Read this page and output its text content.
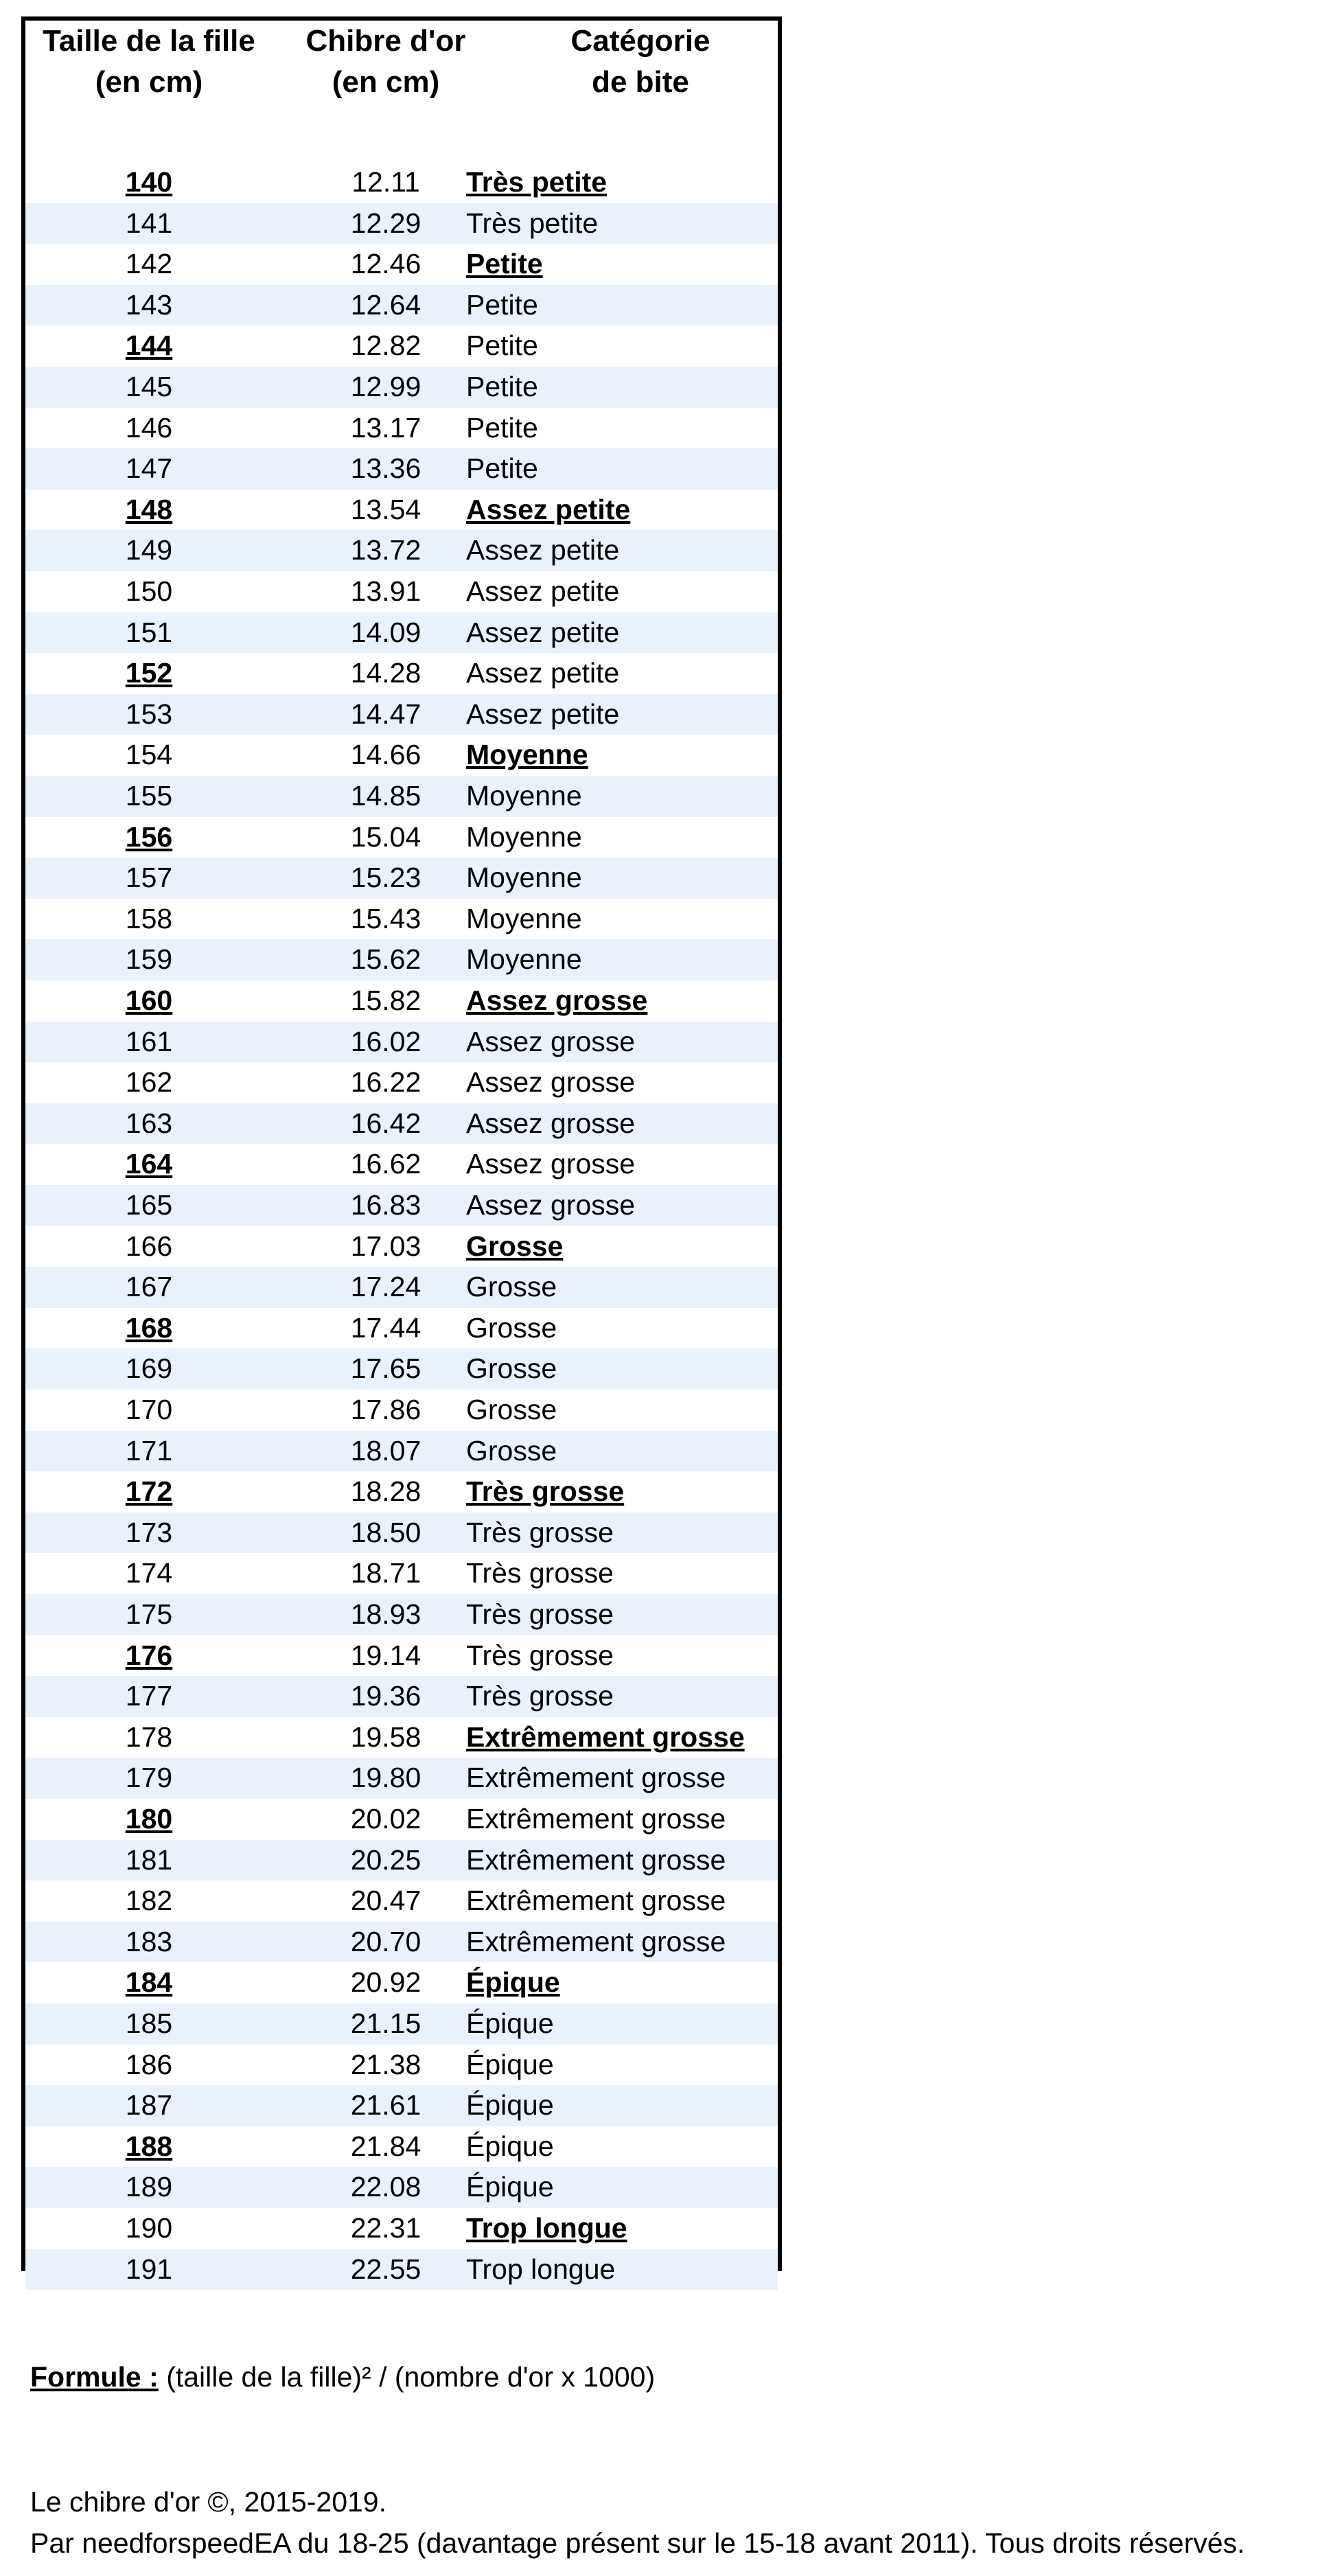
Taille de la fille
(en cm)
Chibre d'or
(en cm)
Catégorie
de bite
140	12.11	Très petite
141	12.29	Très petite
142	12.46	Petite
143	12.64	Petite
144	12.82	Petite
145	12.99	Petite
146	13.17	Petite
147	13.36	Petite
148	13.54	Assez petite
149	13.72	Assez petite
150	13.91	Assez petite
151	14.09	Assez petite
152	14.28	Assez petite
153	14.47	Assez petite
154	14.66	Moyenne
155	14.85	Moyenne
156	15.04	Moyenne
157	15.23	Moyenne
158	15.43	Moyenne
159	15.62	Moyenne
160	15.82	Assez grosse
161	16.02	Assez grosse
162	16.22	Assez grosse
163	16.42	Assez grosse
164	16.62	Assez grosse
165	16.83	Assez grosse
166	17.03	Grosse
167	17.24	Grosse
168	17.44	Grosse
169	17.65	Grosse
170	17.86	Grosse
171	18.07	Grosse
172	18.28	Très grosse
173	18.50	Très grosse
174	18.71	Très grosse
175	18.93	Très grosse
176	19.14	Très grosse
177	19.36	Très grosse
178	19.58	Extrêmement grosse
179	19.80	Extrêmement grosse
180	20.02	Extrêmement grosse
181	20.25	Extrêmement grosse
182	20.47	Extrêmement grosse
183	20.70	Extrêmement grosse
184	20.92	Épique
185	21.15	Épique
186	21.38	Épique
187	21.61	Épique
188	21.84	Épique
189	22.08	Épique
190	22.31	Trop longue
191	22.55	Trop longue
Formule : (taille de la fille)² / (nombre d'or x 1000)
Le chibre d'or ©, 2015-2019.
Par needforspeedEA du 18-25 (davantage présent sur le 15-18 avant 2011). Tous droits réservés.
